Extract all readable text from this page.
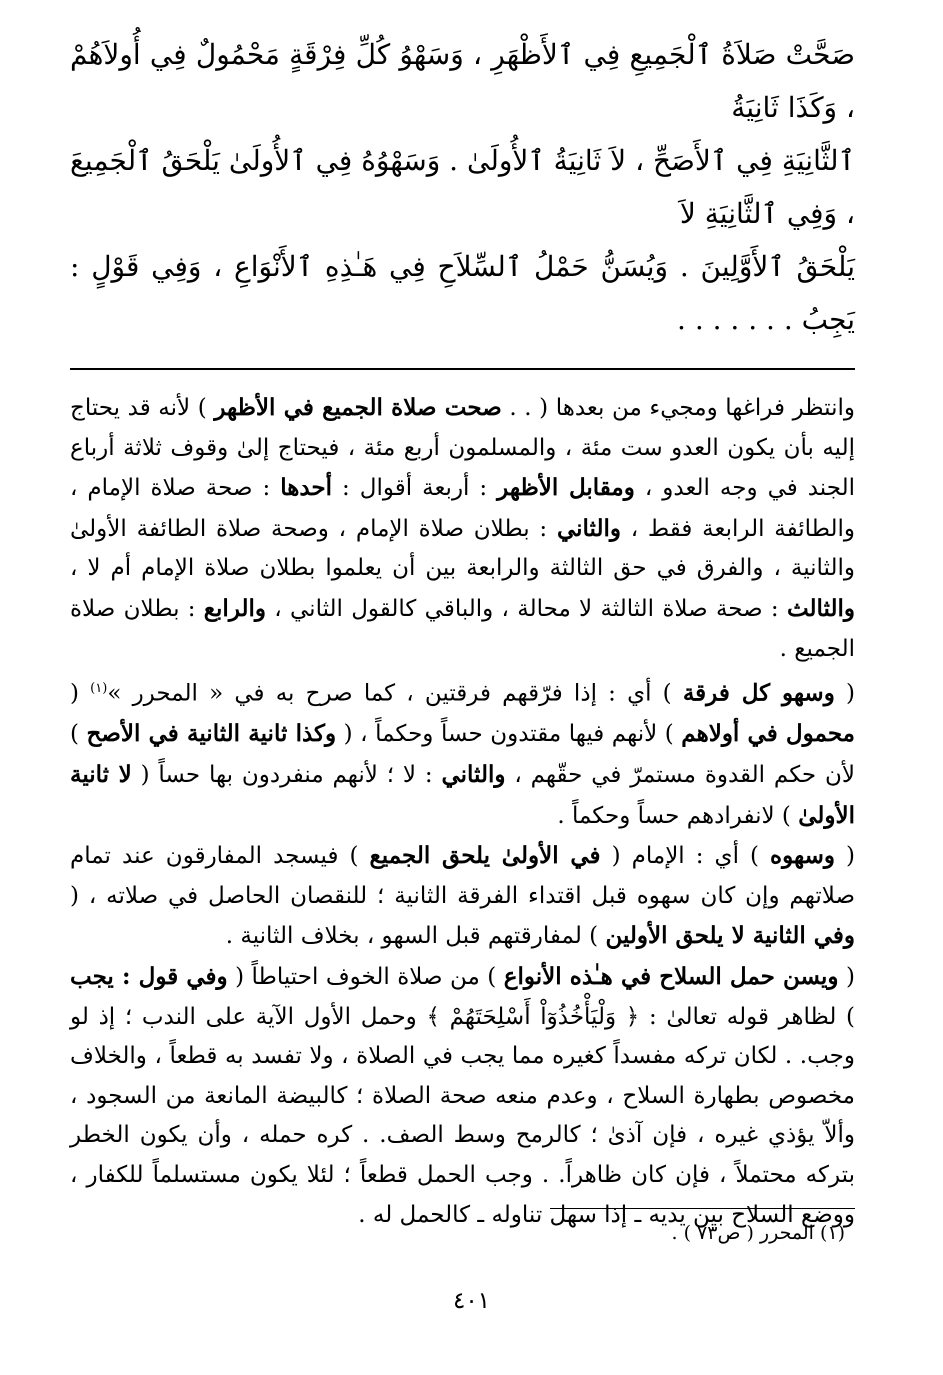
صَحَّتْ صَلاَةُ ٱلْجَمِيعِ فِي ٱلأَظْهَرِ ، وَسَهْوُ كُلِّ فِرْقَةٍ مَحْمُولٌ فِي أُولاَهُمْ ، وَكَذَا ثَانِيَةُ

ٱلثَّانِيَةِ فِي ٱلأَصَحِّ ، لاَ ثَانِيَةُ ٱلأُولَىٰ . وَسَهْوُهُ فِي ٱلأُولَىٰ يَلْحَقُ ٱلْجَمِيعَ ، وَفِي ٱلثَّانِيَةِ لاَ

يَلْحَقُ ٱلأَوَّلِينَ . وَيُسَنُّ حَمْلُ ٱلسِّلاَحِ فِي هَـٰذِهِ ٱلأَنْوَاعِ ، وَفِي قَوْلٍ : يَجِبُ . . . . . . .

وانتظر فراغها ومجيء من بعدها ( . . صحت صلاة الجميع في الأظهر ) لأنه قد يحتاج إليه بأن يكون العدو ست مئة ، والمسلمون أربع مئة ، فيحتاج إلىٰ وقوف ثلاثة أرباع الجند في وجه العدو ، ومقابل الأظهر : أربعة أقوال : أحدها : صحة صلاة الإمام ، والطائفة الرابعة فقط ، والثاني : بطلان صلاة الإمام ، وصحة صلاة الطائفة الأولىٰ والثانية ، والفرق في حق الثالثة والرابعة بين أن يعلموا بطلان صلاة الإمام أم لا ، والثالث : صحة صلاة الثالثة لا محالة ، والباقي كالقول الثاني ، والرابع : بطلان صلاة الجميع .

( وسهو كل فرقة ) أي : إذا فرّقهم فرقتين ، كما صرح به في « المحرر »$^{(١)}$ ( محمول في أولاهم ) لأنهم فيها مقتدون حساً وحكماً ، ( وكذا ثانية الثانية في الأصح ) لأن حكم القدوة مستمرّ في حقّهم ، والثاني : لا ؛ لأنهم منفردون بها حساً ( لا ثانية الأولىٰ ) لانفرادهم حساً وحكماً .

( وسهوه ) أي : الإمام ( في الأولىٰ يلحق الجميع ) فيسجد المفارقون عند تمام صلاتهم وإن كان سهوه قبل اقتداء الفرقة الثانية ؛ للنقصان الحاصل في صلاته ، ( وفي الثانية لا يلحق الأولين ) لمفارقتهم قبل السهو ، بخلاف الثانية .

( ويسن حمل السلاح في هـٰذه الأنواع ) من صلاة الخوف احتياطاً ( وفي قول : يجب ) لظاهر قوله تعالىٰ : ﴿ وَلْيَأْخُذُوٓاْ أَسْلِحَتَهُمْ ﴾ وحمل الأول الآية على الندب ؛ إذ لو وجب. . لكان تركه مفسداً كغيره مما يجب في الصلاة ، ولا تفسد به قطعاً ، والخلاف مخصوص بطهارة السلاح ، وعدم منعه صحة الصلاة ؛ كالبيضة المانعة من السجود ، وألاّ يؤذي غيره ، فإن آذىٰ ؛ كالرمح وسط الصف. . كره حمله ، وأن يكون الخطر بتركه محتملاً ، فإن كان ظاهراً. . وجب الحمل قطعاً ؛ لئلا يكون مستسلماً للكفار ، ووضع السلاح بين يديه ـ إذا سهل تناوله ـ كالحمل له .

(١) المحرر ( ص٧٣ ) .
٤٠١
